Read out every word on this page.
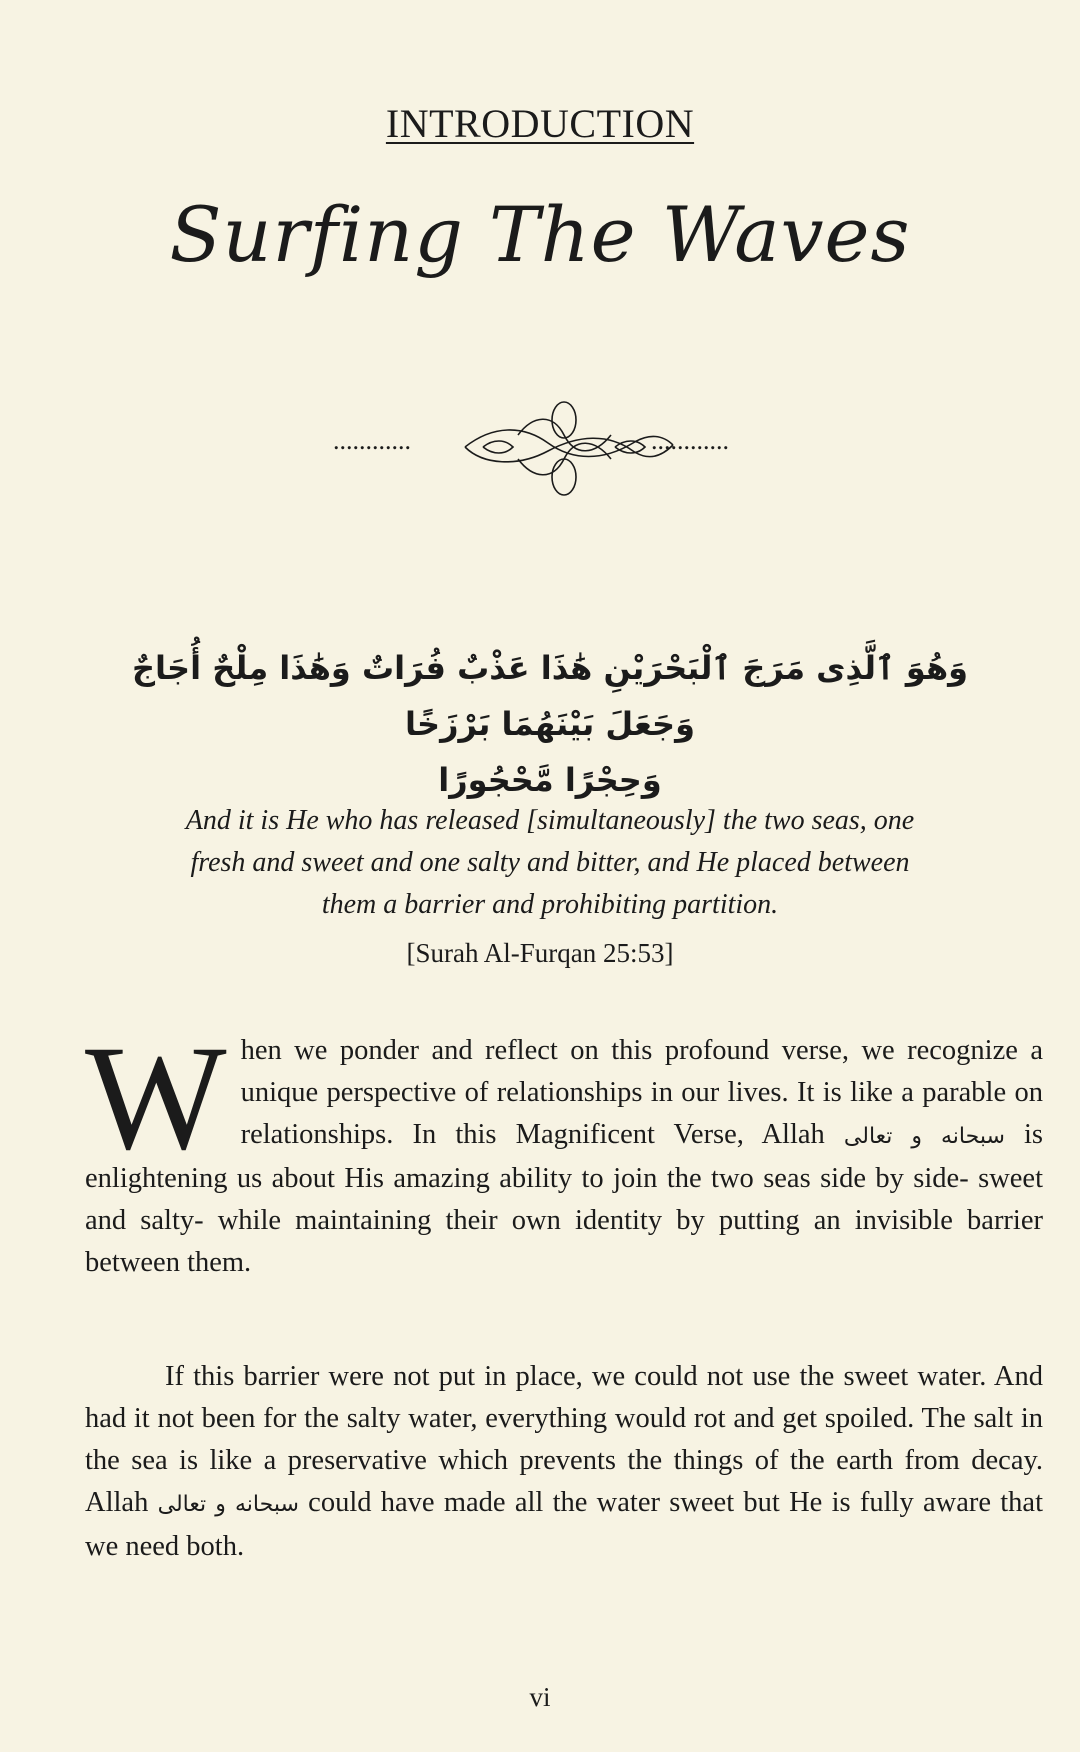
INTRODUCTION
Surfing The Waves
............	............
وَهُوَ ٱلَّذِى مَرَجَ ٱلْبَحْرَيْنِ هَٰذَا عَذْبٌ فُرَاتٌ وَهَٰذَا مِلْحٌ أُجَاجٌ وَجَعَلَ بَيْنَهُمَا بَرْزَخًا
وَحِجْرًا مَّحْجُورًا
And it is He who has released [simultaneously] the two seas, one
fresh and sweet and one salty and bitter, and He placed between
them a barrier and prohibiting partition.
[Surah Al-Furqan 25:53]
When we ponder and reflect on this profound verse, we recognize a unique perspective of relationships in our lives. It is like a parable on relationships. In this Magnificent Verse, Allah سبحانه و تعالى is enlightening us about His amazing ability to join the two seas side by side- sweet and salty- while maintaining their own identity by putting an invisible barrier between them.
If this barrier were not put in place, we could not use the sweet water. And had it not been for the salty water, everything would rot and get spoiled. The salt in the sea is like a preservative which prevents the things of the earth from decay. Allah سبحانه و تعالى could have made all the water sweet but He is fully aware that we need both.
vi
